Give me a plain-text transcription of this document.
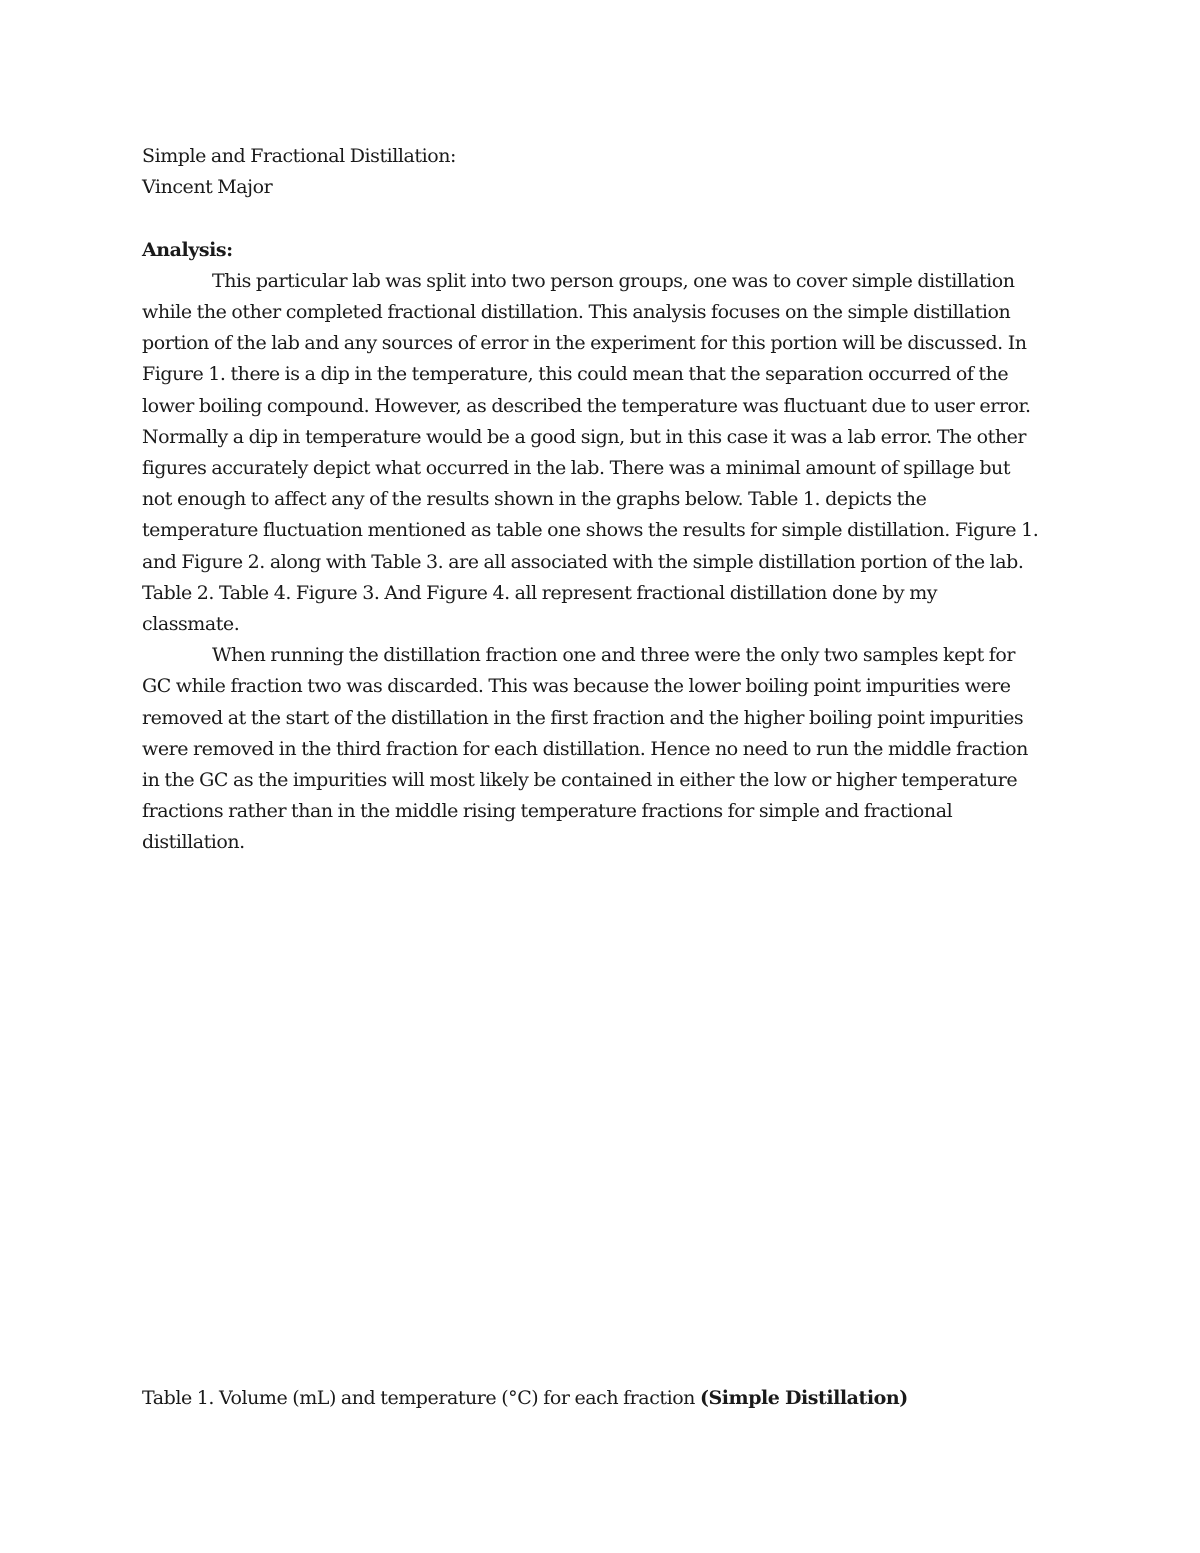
Simple and Fractional Distillation:
Vincent Major
Analysis:
This particular lab was split into two person groups, one was to cover simple distillation
while the other completed fractional distillation. This analysis focuses on the simple distillation
portion of the lab and any sources of error in the experiment for this portion will be discussed. In
Figure 1. there is a dip in the temperature, this could mean that the separation occurred of the
lower boiling compound. However, as described the temperature was fluctuant due to user error.
Normally a dip in temperature would be a good sign, but in this case it was a lab error. The other
figures accurately depict what occurred in the lab. There was a minimal amount of spillage but
not enough to affect any of the results shown in the graphs below. Table 1. depicts the
temperature fluctuation mentioned as table one shows the results for simple distillation. Figure 1.
and Figure 2. along with Table 3. are all associated with the simple distillation portion of the lab.
Table 2. Table 4. Figure 3. And Figure 4. all represent fractional distillation done by my
classmate.
When running the distillation fraction one and three were the only two samples kept for
GC while fraction two was discarded. This was because the lower boiling point impurities were
removed at the start of the distillation in the first fraction and the higher boiling point impurities
were removed in the third fraction for each distillation. Hence no need to run the middle fraction
in the GC as the impurities will most likely be contained in either the low or higher temperature
fractions rather than in the middle rising temperature fractions for simple and fractional
distillation.
Table 1. Volume (mL) and temperature (°C) for each fraction (Simple Distillation)
